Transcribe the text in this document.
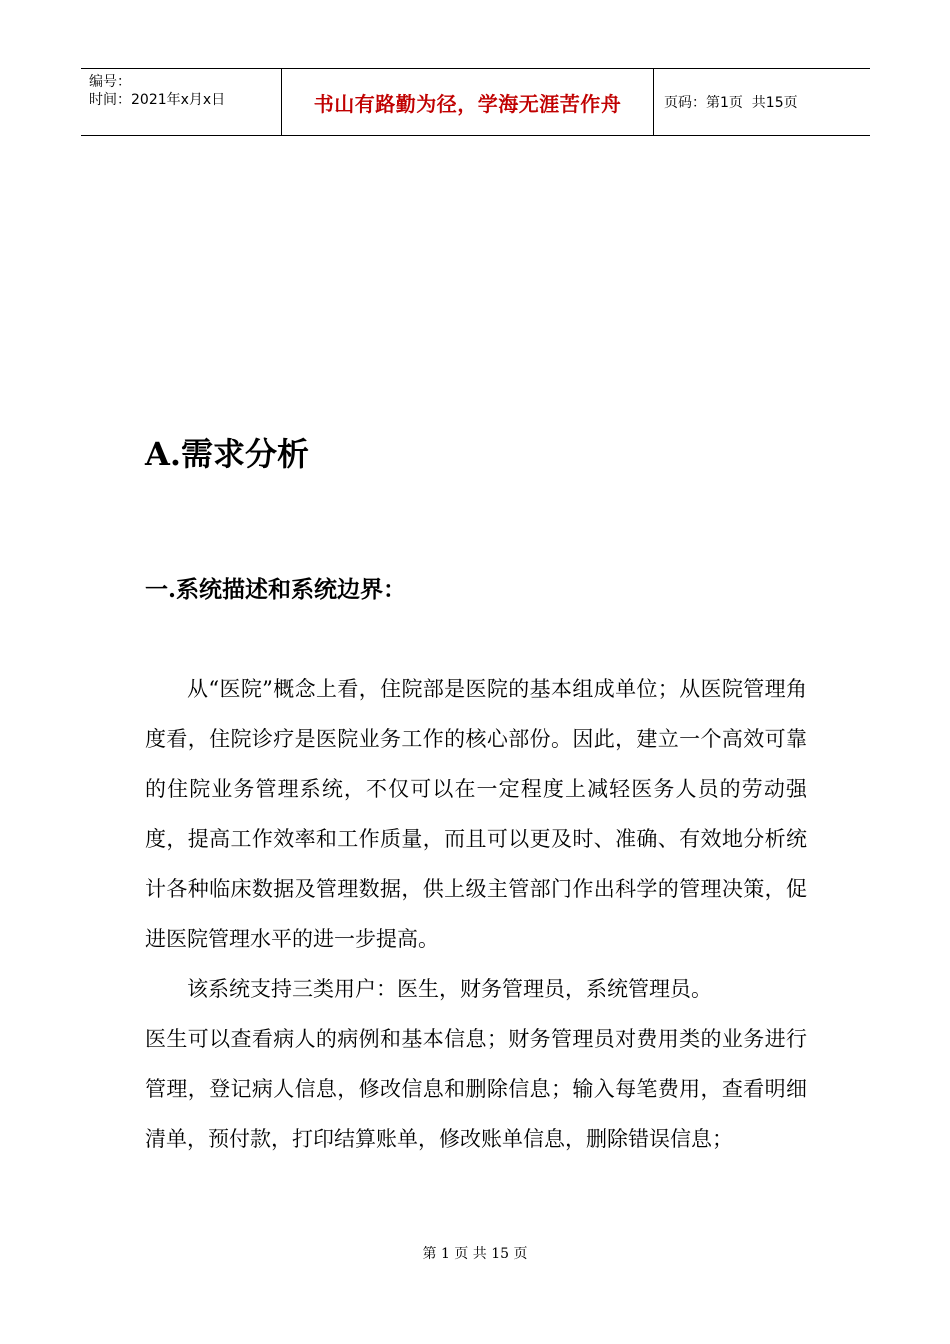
编号：
时间：2021年x月x日	书山有路勤为径，学海无涯苦作舟	页码：第1页  共15页
A.需求分析
一.系统描述和系统边界：

从“医院”概念上看，住院部是医院的基本组成单位；从医院管理角度看，住院诊疗是医院业务工作的核心部份。因此，建立一个高效可靠的住院业务管理系统，不仅可以在一定程度上减轻医务人员的劳动强度，提高工作效率和工作质量，而且可以更及时、准确、有效地分析统计各种临床数据及管理数据，供上级主管部门作出科学的管理决策，促进医院管理水平的进一步提高。

该系统支持三类用户：医生，财务管理员，系统管理员。

医生可以查看病人的病例和基本信息；财务管理员对费用类的业务进行管理，登记病人信息，修改信息和删除信息；输入每笔费用，查看明细清单，预付款，打印结算账单，修改账单信息，删除错误信息；

第 1 页 共 15 页
